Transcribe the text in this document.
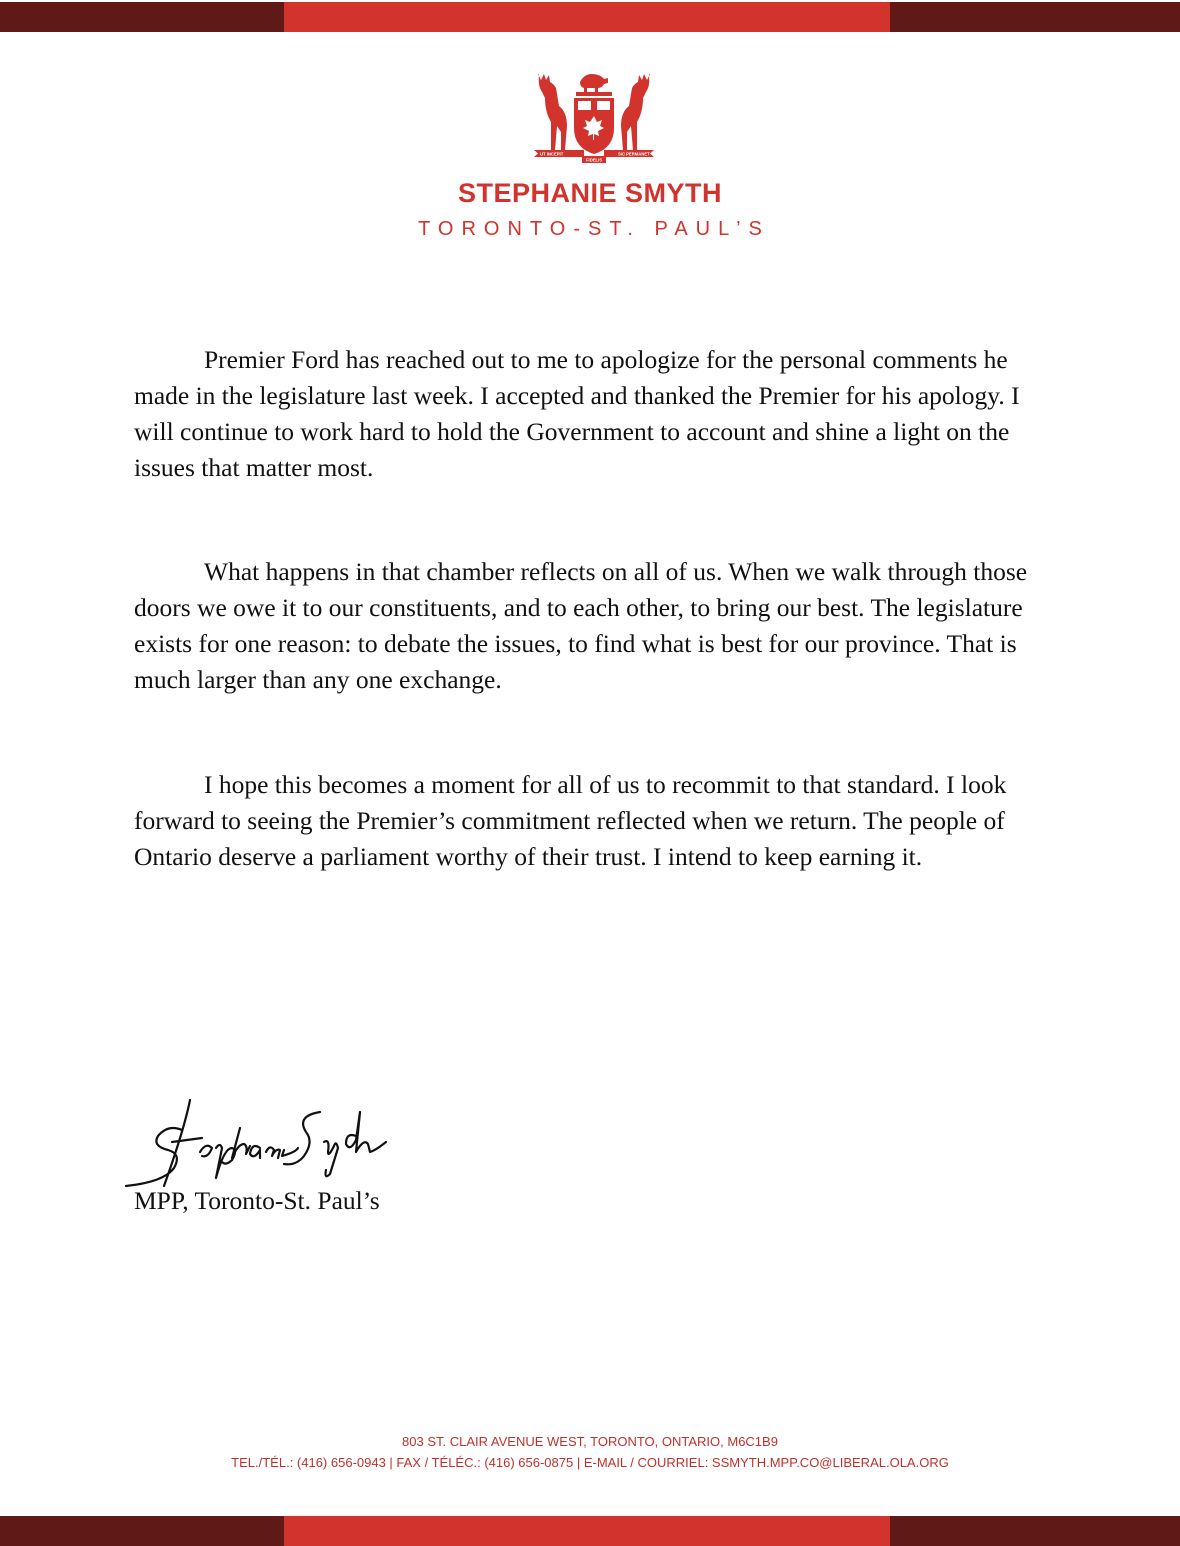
UT INCEPIT
FIDELIS
SIC PERMANET
STEPHANIE SMYTH
TORONTO-ST. PAUL’S

Premier Ford has reached out to me to apologize for the personal comments he made in the legislature last week. I accepted and thanked the Premier for his apology. I will continue to work hard to hold the Government to account and shine a light on the issues that matter most.

What happens in that chamber reflects on all of us. When we walk through those doors we owe it to our constituents, and to each other, to bring our best. The legislature exists for one reason: to debate the issues, to find what is best for our province. That is much larger than any one exchange.

I hope this becomes a moment for all of us to recommit to that standard. I look forward to seeing the Premier’s commitment reflected when we return. The people of Ontario deserve a parliament worthy of their trust. I intend to keep earning it.

MPP, Toronto-St. Paul’s
803 ST. CLAIR AVENUE WEST, TORONTO, ONTARIO, M6C1B9
TEL./TÉL.: (416) 656-0943 | FAX / TÉLÉC.: (416) 656-0875 | E-MAIL / COURRIEL: SSMYTH.MPP.CO@LIBERAL.OLA.ORG
